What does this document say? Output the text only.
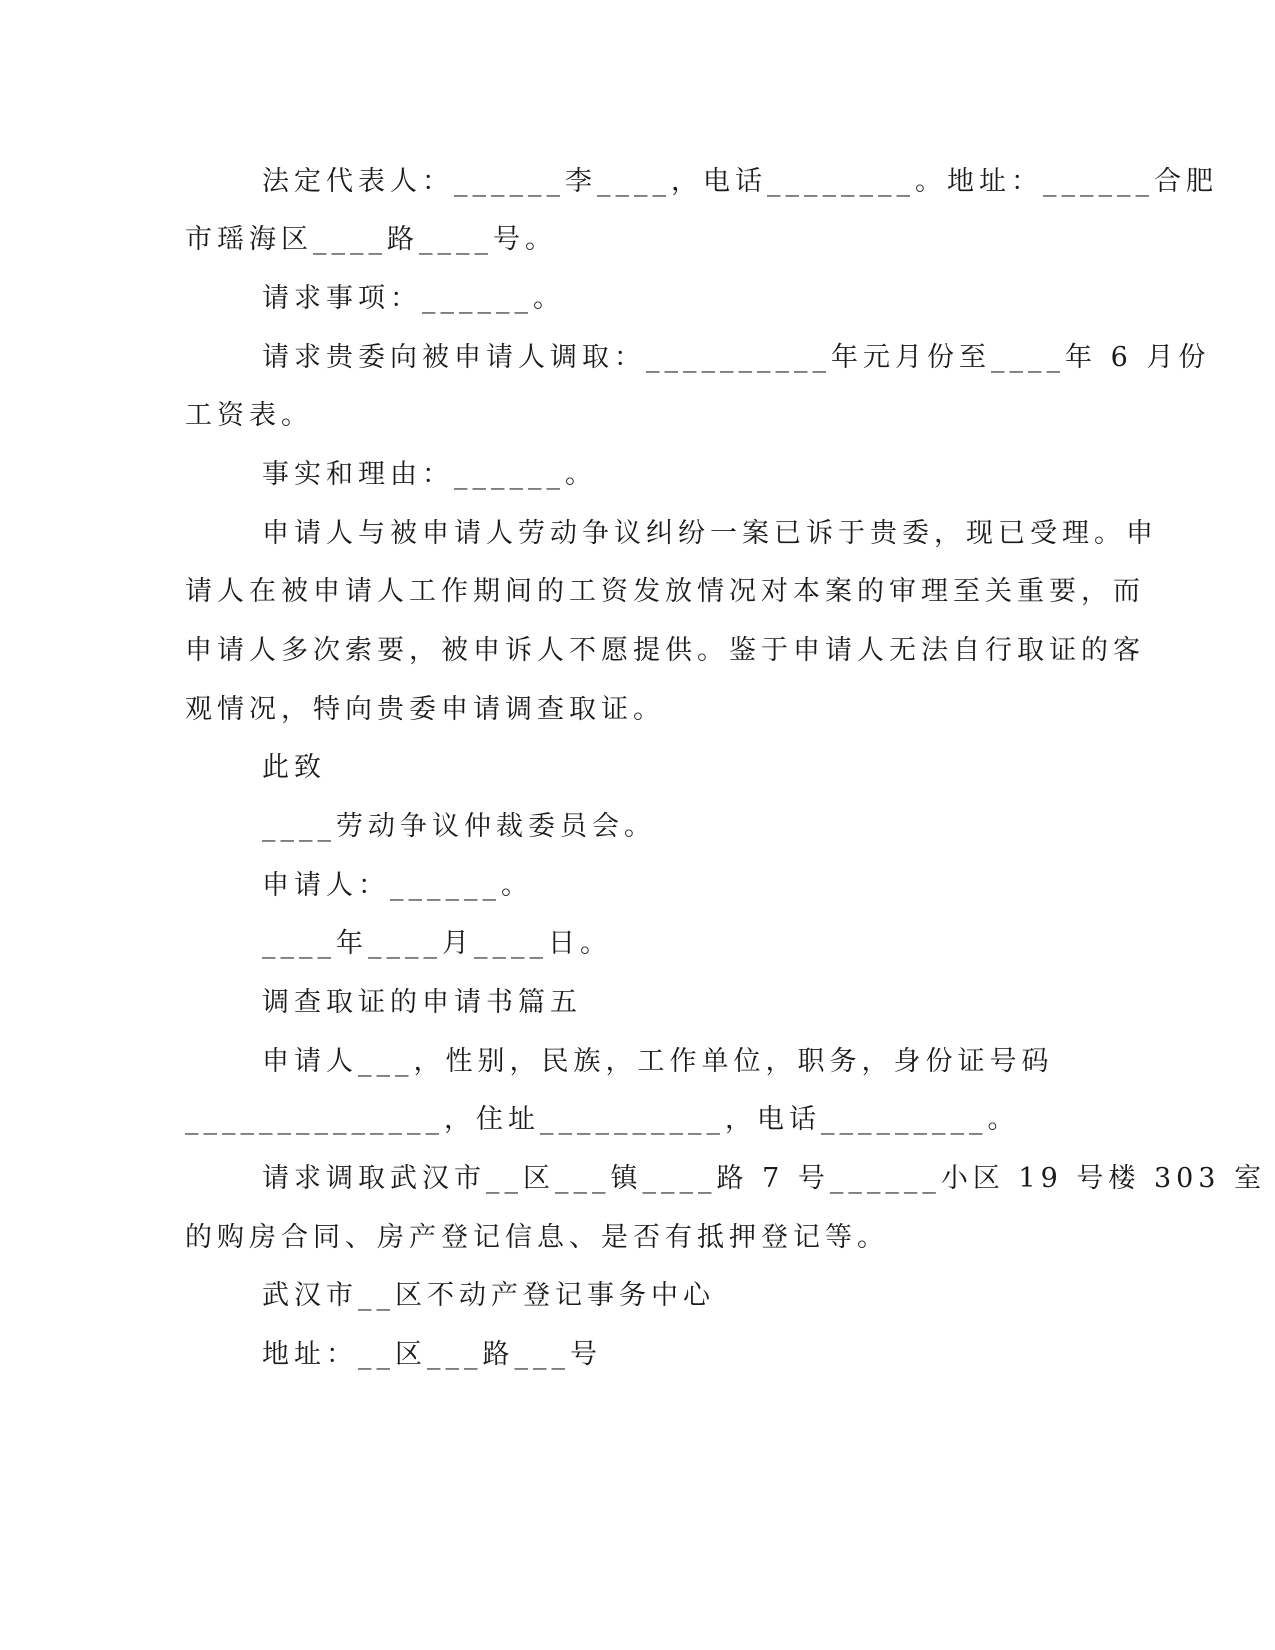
法定代表人：______李____，电话________。地址：______合肥
市瑶海区____路____号。
请求事项：______。
请求贵委向被申请人调取：__________年元月份至____年 6 月份
工资表。
事实和理由：______。
申请人与被申请人劳动争议纠纷一案已诉于贵委，现已受理。申
请人在被申请人工作期间的工资发放情况对本案的审理至关重要，而
申请人多次索要，被申诉人不愿提供。鉴于申请人无法自行取证的客
观情况，特向贵委申请调查取证。
此致
____劳动争议仲裁委员会。
申请人：______。
____年____月____日。
调查取证的申请书篇五
申请人___，性别，民族，工作单位，职务，身份证号码
______________，住址__________，电话_________。
请求调取武汉市__区___镇____路 7 号______小区 19 号楼 303 室
的购房合同、房产登记信息、是否有抵押登记等。
武汉市__区不动产登记事务中心
地址：__区___路___号
